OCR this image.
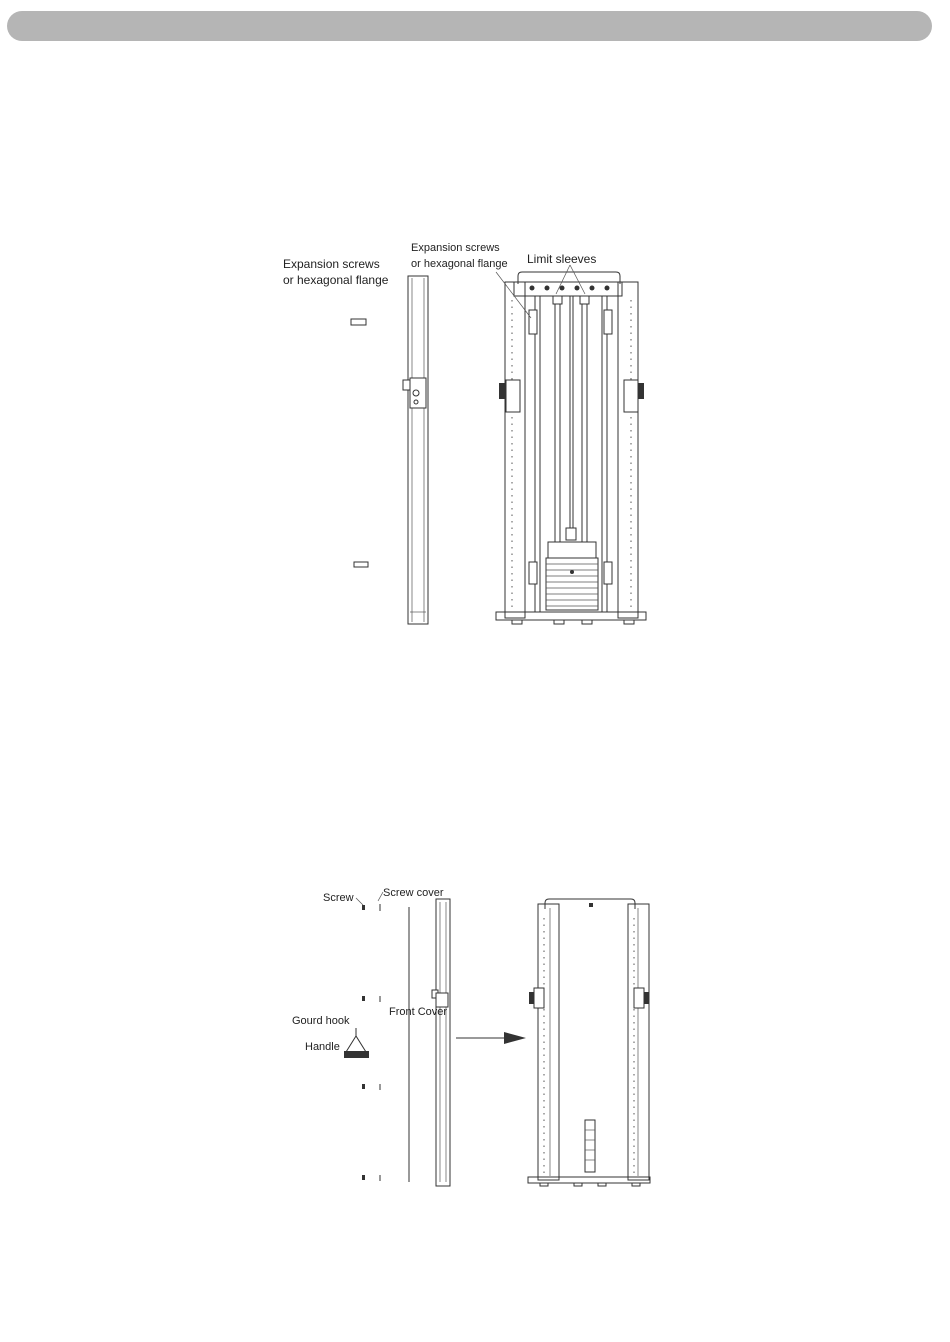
Expansion screws or hexagonal flange
Expansion screws or hexagonal flange Limit sleeves
Screw	Screw cover
Front Cover
Gourd hook
Handle
